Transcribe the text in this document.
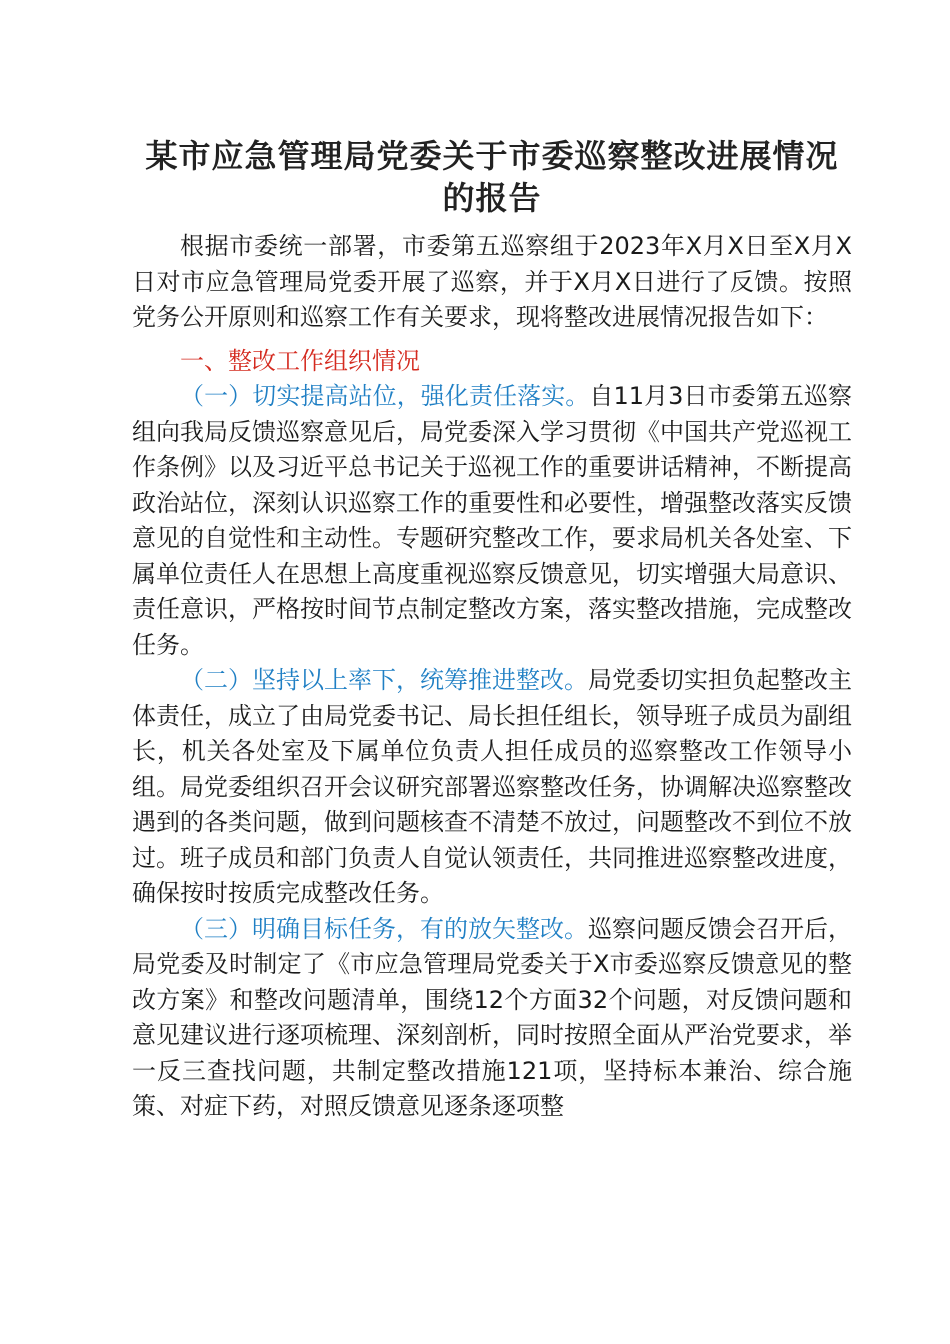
某市应急管理局党委关于市委巡察整改进展情况的报告

根据市委统一部署，市委第五巡察组于2023年X月X日至X月X日对市应急管理局党委开展了巡察，并于X月X日进行了反馈。按照党务公开原则和巡察工作有关要求，现将整改进展情况报告如下：

一、整改工作组织情况

（一）切实提高站位，强化责任落实。自11月3日市委第五巡察组向我局反馈巡察意见后，局党委深入学习贯彻《中国共产党巡视工作条例》以及习近平总书记关于巡视工作的重要讲话精神，不断提高政治站位，深刻认识巡察工作的重要性和必要性，增强整改落实反馈意见的自觉性和主动性。专题研究整改工作，要求局机关各处室、下属单位责任人在思想上高度重视巡察反馈意见，切实增强大局意识、责任意识，严格按时间节点制定整改方案，落实整改措施，完成整改任务。

（二）坚持以上率下，统筹推进整改。局党委切实担负起整改主体责任，成立了由局党委书记、局长担任组长，领导班子成员为副组长，机关各处室及下属单位负责人担任成员的巡察整改工作领导小组。局党委组织召开会议研究部署巡察整改任务，协调解决巡察整改遇到的各类问题，做到问题核查不清楚不放过，问题整改不到位不放过。班子成员和部门负责人自觉认领责任，共同推进巡察整改进度，确保按时按质完成整改任务。

（三）明确目标任务，有的放矢整改。巡察问题反馈会召开后，局党委及时制定了《市应急管理局党委关于X市委巡察反馈意见的整改方案》和整改问题清单，围绕12个方面32个问题，对反馈问题和意见建议进行逐项梳理、深刻剖析，同时按照全面从严治党要求，举一反三查找问题，共制定整改措施121项，坚持标本兼治、综合施策、对症下药，对照反馈意见逐条逐项整
